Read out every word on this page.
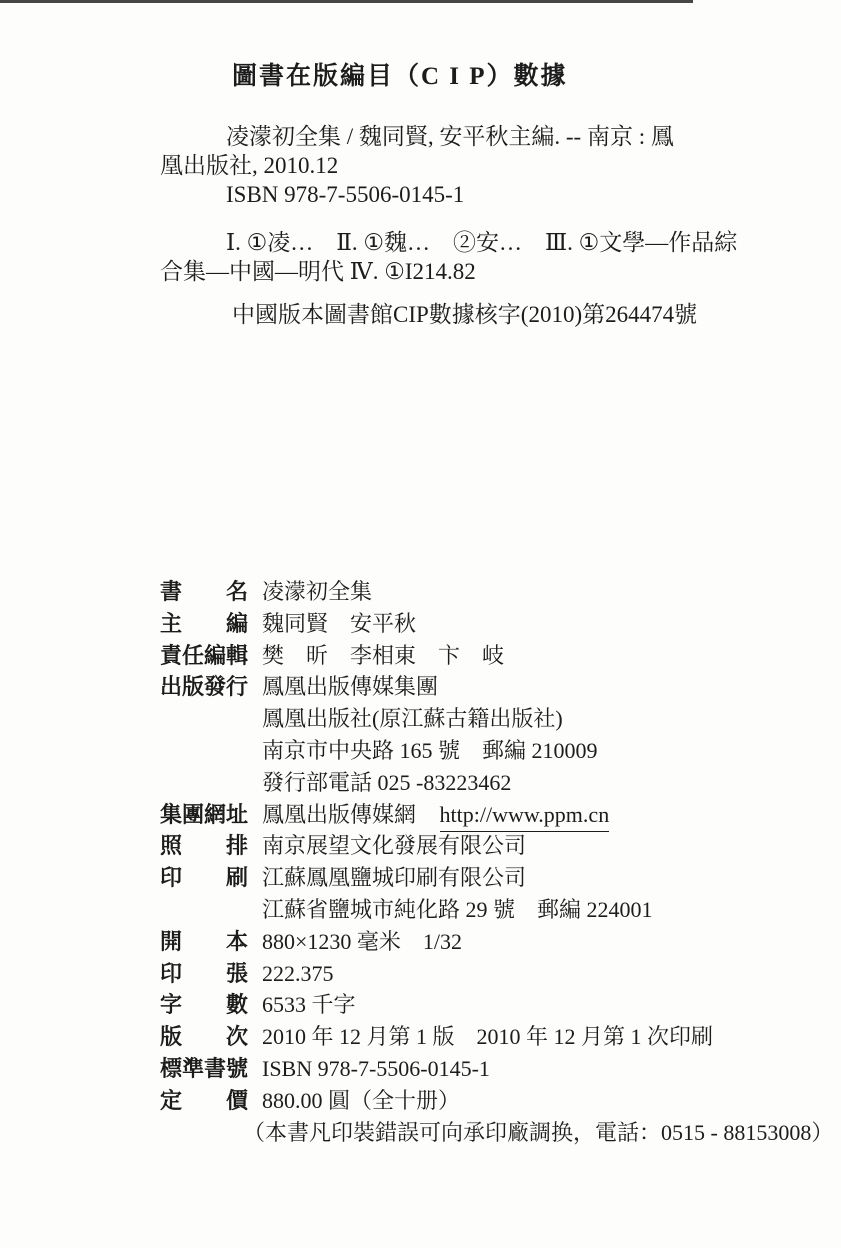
圖書在版編目（C I P）數據
凌濛初全集 / 魏同賢, 安平秋主編. -- 南京 : 鳳
凰出版社, 2010.12
ISBN 978-7-5506-0145-1
Ⅰ. ①凌…　Ⅱ. ①魏…　②安…　Ⅲ. ①文學—作品綜
合集—中國—明代 Ⅳ. ①I214.82
中國版本圖書館CIP數據核字(2010)第264474號
書名 凌濛初全集
主編 魏同賢　安平秋
責任編輯 樊　昕　李相東　卞　岐
出版發行 鳳凰出版傳媒集團
鳳凰出版社(原江蘇古籍出版社)
南京市中央路 165 號　郵編 210009
發行部電話 025 -83223462
集團網址 鳳凰出版傳媒網 http://www.ppm.cn
照排 南京展望文化發展有限公司
印刷 江蘇鳳凰鹽城印刷有限公司
江蘇省鹽城市純化路 29 號　郵編 224001
開本 880×1230 毫米　1/32
印張 222.375
字數 6533 千字
版次 2010 年 12 月第 1 版　2010 年 12 月第 1 次印刷
標準書號 ISBN 978-7-5506-0145-1
定價 880.00 圓（全十册）
（本書凡印裝錯誤可向承印廠調换，電話：0515 - 88153008）
